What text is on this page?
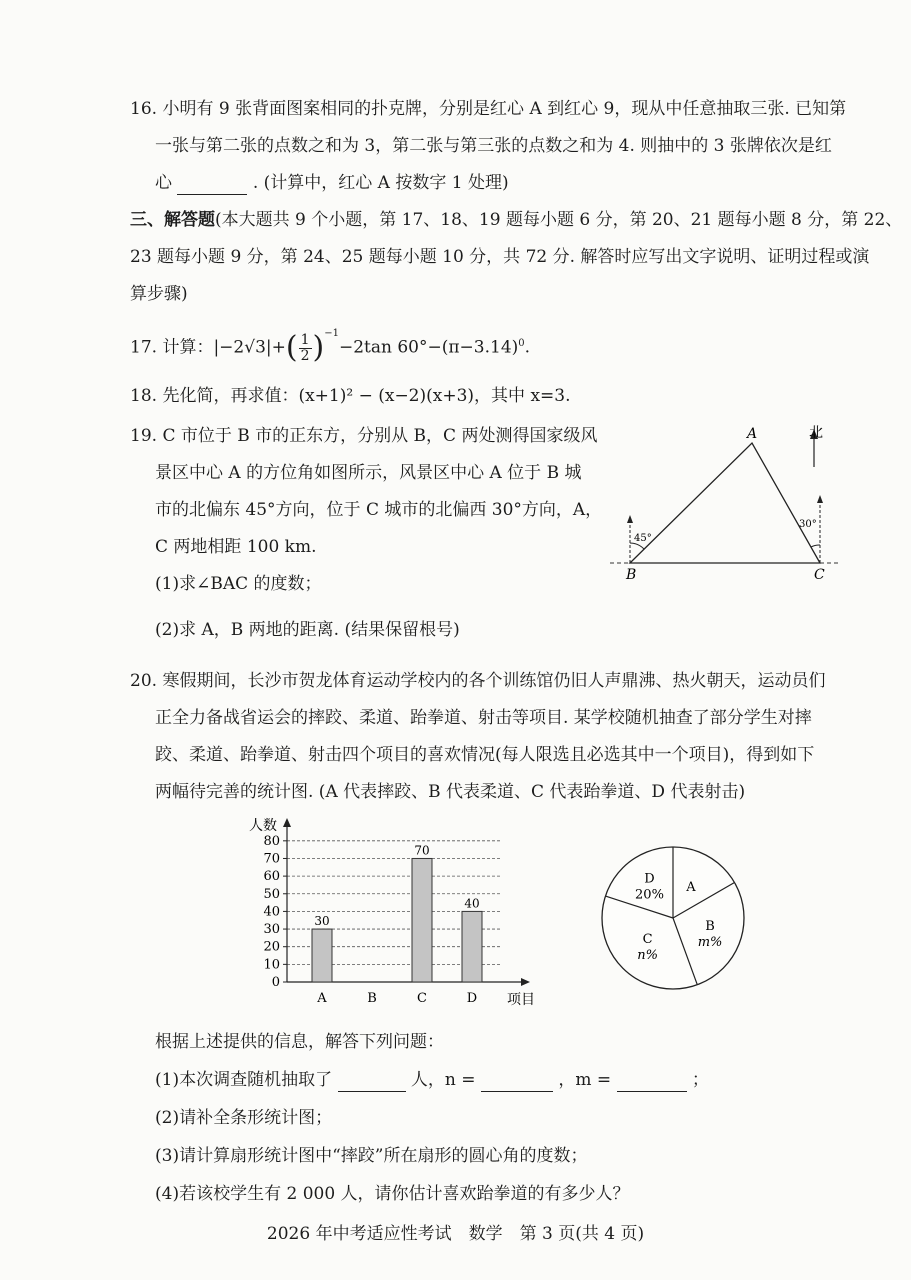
16. 小明有 9 张背面图案相同的扑克牌，分别是红心 A 到红心 9，现从中任意抽取三张. 已知第
一张与第二张的点数之和为 3，第二张与第三张的点数之和为 4. 则抽中的 3 张牌依次是红
心	. (计算中，红心 A 按数字 1 处理)
三、解答题(本大题共 9 个小题，第 17、18、19 题每小题 6 分，第 20、21 题每小题 8 分，第 22、
23 题每小题 9 分，第 24、25 题每小题 10 分，共 72 分. 解答时应写出文字说明、证明过程或演
算步骤)
17. 计算：$|-2√3|+( \frac{1}{2} )^{-1}-2\tan$ $60^\circ-(\pi-3.14)^0$.
18. 先化简，再求值：(x+1)² − (x−2)(x+3)，其中 x=3.
19. C 市位于 B 市的正东方，分别从 B，C 两处测得国家级风
景区中心 A 的方位角如图所示，风景区中心 A 位于 B 城
市的北偏东 45°方向，位于 C 城市的北偏西 30°方向，A，
C 两地相距 100 km.
(1)求∠BAC 的度数；
(2)求 A，B 两地的距离. (结果保留根号)
A
B	C
北
45°
30°
20. 寒假期间，长沙市贺龙体育运动学校内的各个训练馆仍旧人声鼎沸、热火朝天，运动员们
正全力备战省运会的摔跤、柔道、跆拳道、射击等项目. 某学校随机抽查了部分学生对摔
跤、柔道、跆拳道、射击四个项目的喜欢情况(每人限选且必选其中一个项目)，得到如下
两幅待完善的统计图. (A 代表摔跤、B 代表柔道、C 代表跆拳道、D 代表射击)
0
10
20
30
40
50
60
70
80
人数
项目
A
30
B	C
70
D
40
A
B
m%
C
n%
D
20%
根据上述提供的信息，解答下列问题：
(1)本次调查随机抽取了	人，n =	，m =	；
(2)请补全条形统计图；
(3)请计算扇形统计图中“摔跤”所在扇形的圆心角的度数；
(4)若该校学生有 2 000 人，请你估计喜欢跆拳道的有多少人？
2026 年中考适应性考试　数学　第 3 页(共 4 页)
